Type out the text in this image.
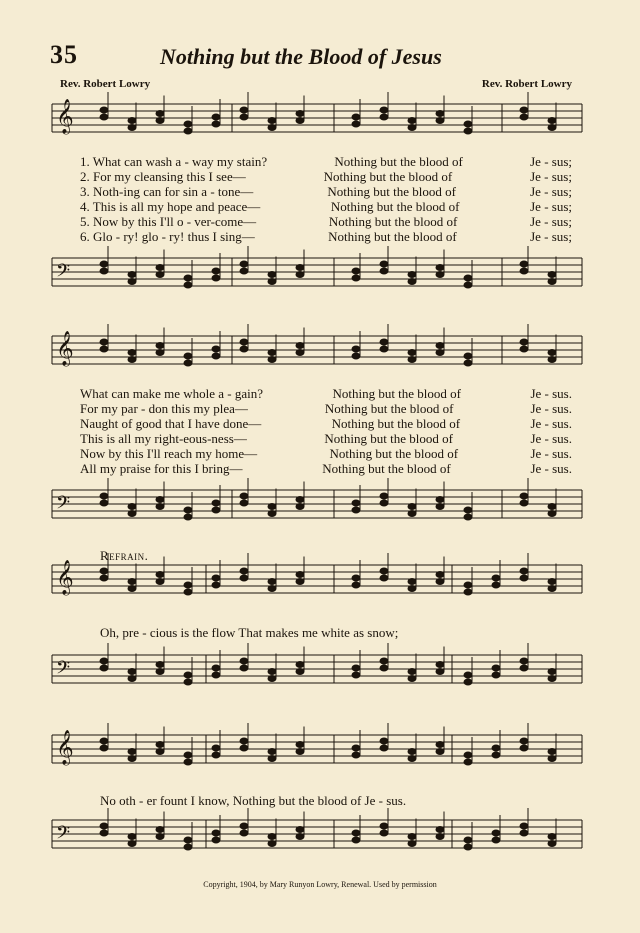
35	Nothing but the Blood of Jesus
Rev. Robert Lowry	Rev. Robert Lowry
𝄞
𝄢
𝄞
𝄢
𝄞
𝄢
𝄞
𝄢
1. What can wash a - way my stain?	Nothing but the blood of	Je - sus;
2. For my cleansing this I see—	Nothing but the blood of	Je - sus;
3. Noth-ing can for sin a - tone—	Nothing but the blood of	Je - sus;
4. This is all my hope and peace—	Nothing but the blood of	Je - sus;
5. Now by this I'll o - ver-come—	Nothing but the blood of	Je - sus;
6. Glo - ry! glo - ry! thus I sing—	Nothing but the blood of	Je - sus;
What can make me whole a - gain?	Nothing but the blood of	Je - sus.
For my par - don this my plea—	Nothing but the blood of	Je - sus.
Naught of good that I have done—	Nothing but the blood of	Je - sus.
This is all my right-eous-ness—	Nothing but the blood of	Je - sus.
Now by this I'll reach my home—	Nothing but the blood of	Je - sus.
All my praise for this I bring—	Nothing but the blood of	Je - sus.
Refrain.
Oh, pre - cious is the flow That makes me white as snow;
No oth - er fount I know, Nothing but the blood of Je - sus.
Copyright, 1904, by Mary Runyon Lowry, Renewal. Used by permission
